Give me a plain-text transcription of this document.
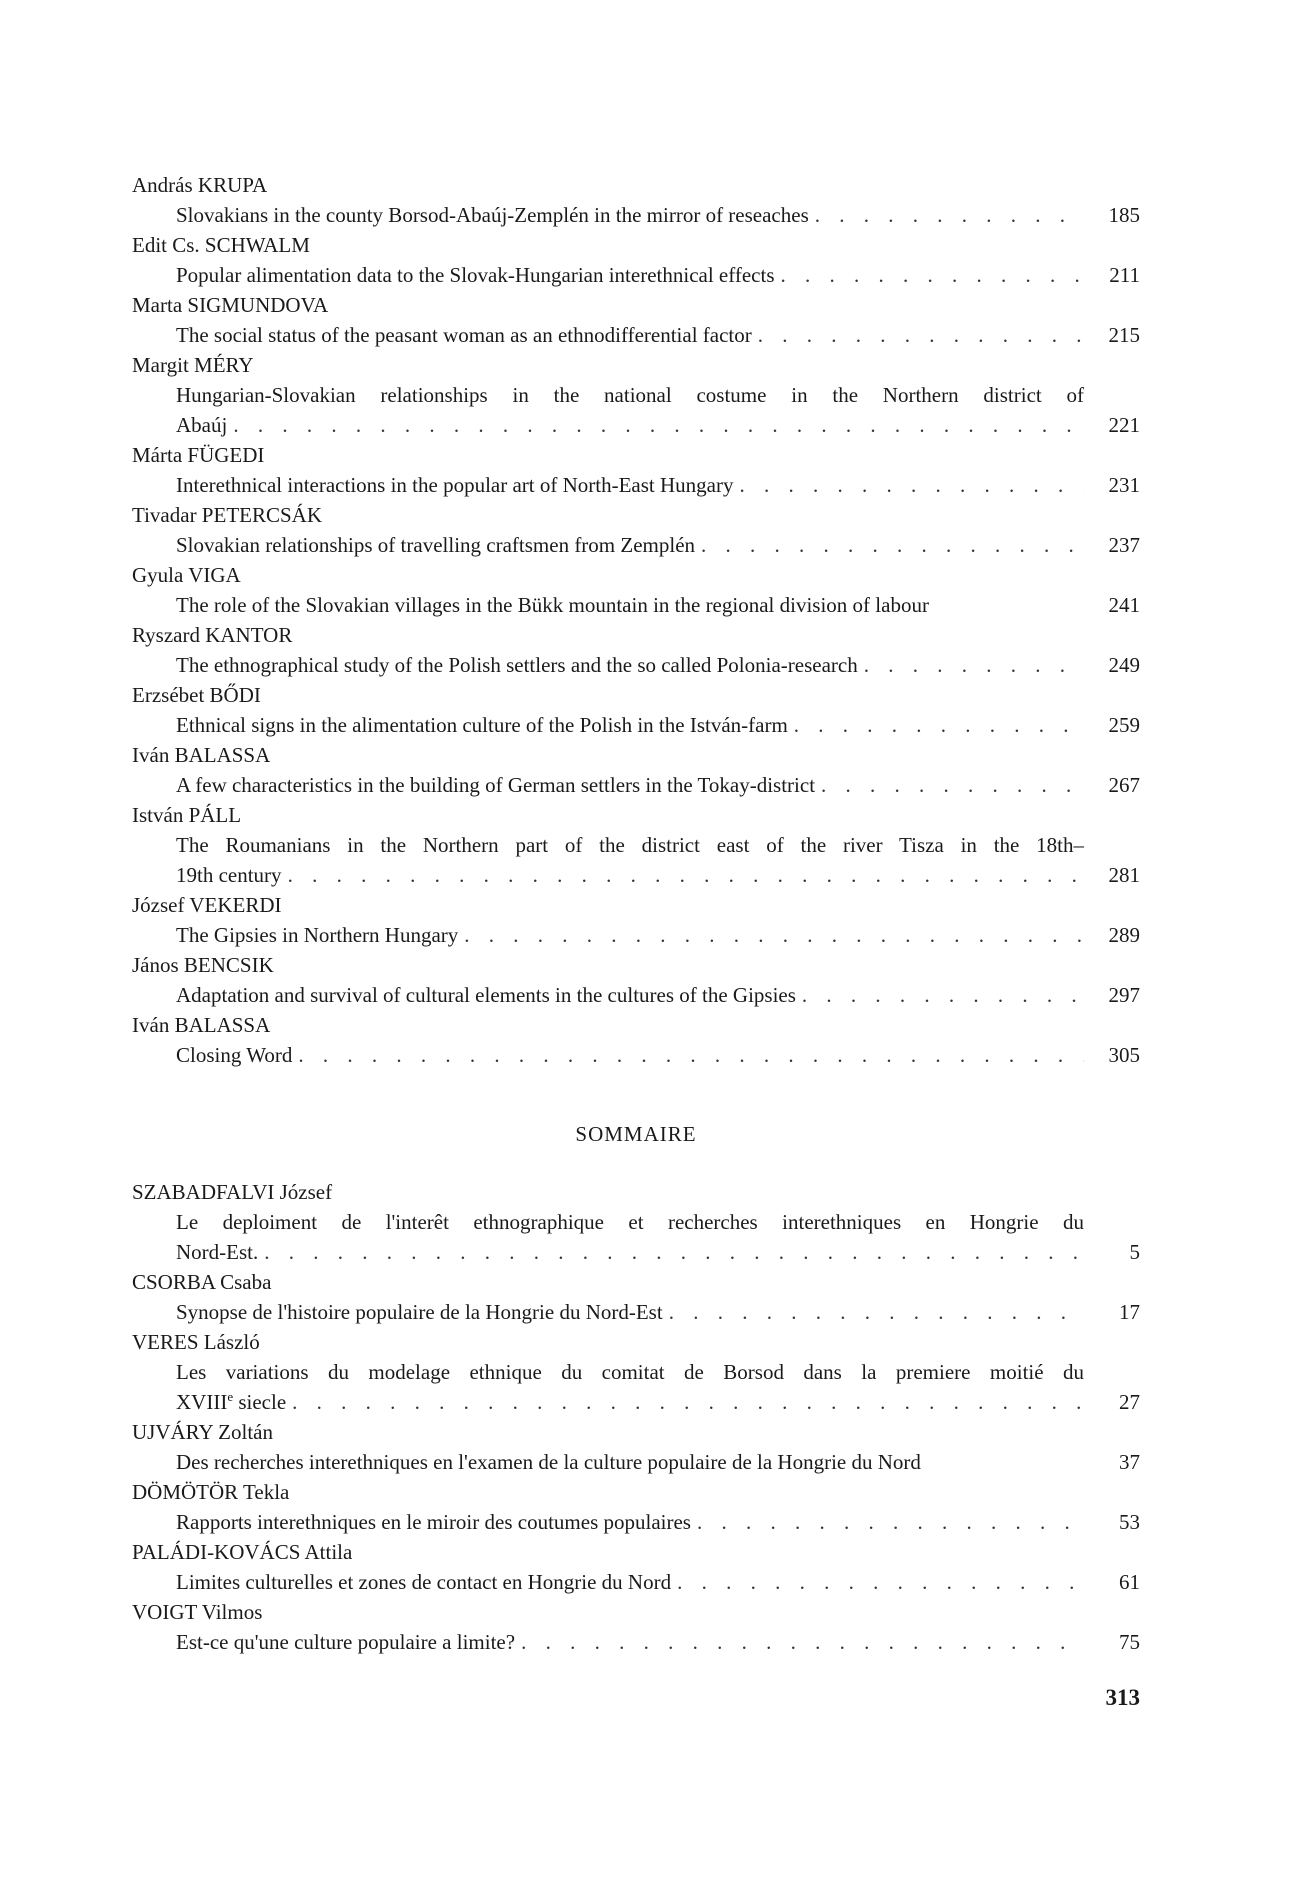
András KRUPA
Slovakians in the county Borsod-Abaúj-Zemplén in the mirror of reseaches . . .	185
Edit Cs. SCHWALM
Popular alimentation data to the Slovak-Hungarian interethnical effects . . .	211
Marta SIGMUNDOVA
The social status of the peasant woman as an ethnodifferential factor . . .	215
Margit MÉRY
Hungarian-Slovakian relationships in the national costume in the Northern district of
Abaúj . . .	221
Márta FÜGEDI
Interethnical interactions in the popular art of North-East Hungary . . .	231
Tivadar PETERCSÁK
Slovakian relationships of travelling craftsmen from Zemplén . . .	237
Gyula VIGA
The role of the Slovakian villages in the Bükk mountain in the regional division of labour	241
Ryszard KANTOR
The ethnographical study of the Polish settlers and the so called Polonia-research . . .	249
Erzsébet BŐDI
Ethnical signs in the alimentation culture of the Polish in the István-farm . . .	259
Iván BALASSA
A few characteristics in the building of German settlers in the Tokay-district . . .	267
István PÁLL
The Roumanians in the Northern part of the district east of the river Tisza in the 18th–
19th century . . .	281
József VEKERDI
The Gipsies in Northern Hungary . . .	289
János BENCSIK
Adaptation and survival of cultural elements in the cultures of the Gipsies . . .	297
Iván BALASSA
Closing Word . . .	305
SOMMAIRE
SZABADFALVI József
Le deploiment de l'interêt ethnographique et recherches interethniques en Hongrie du
Nord-Est. . . .	5
CSORBA Csaba
Synopse de l'histoire populaire de la Hongrie du Nord-Est . . .	17
VERES László
Les variations du modelage ethnique du comitat de Borsod dans la premiere moitié du
XVIIIe siecle . . .	27
UJVÁRY Zoltán
Des recherches interethniques en l'examen de la culture populaire de la Hongrie du Nord	37
DÖMÖTÖR Tekla
Rapports interethniques en le miroir des coutumes populaires . . .	53
PALÁDI-KOVÁCS Attila
Limites culturelles et zones de contact en Hongrie du Nord . . .	61
VOIGT Vilmos
Est-ce qu'une culture populaire a limite? . . .	75
313
